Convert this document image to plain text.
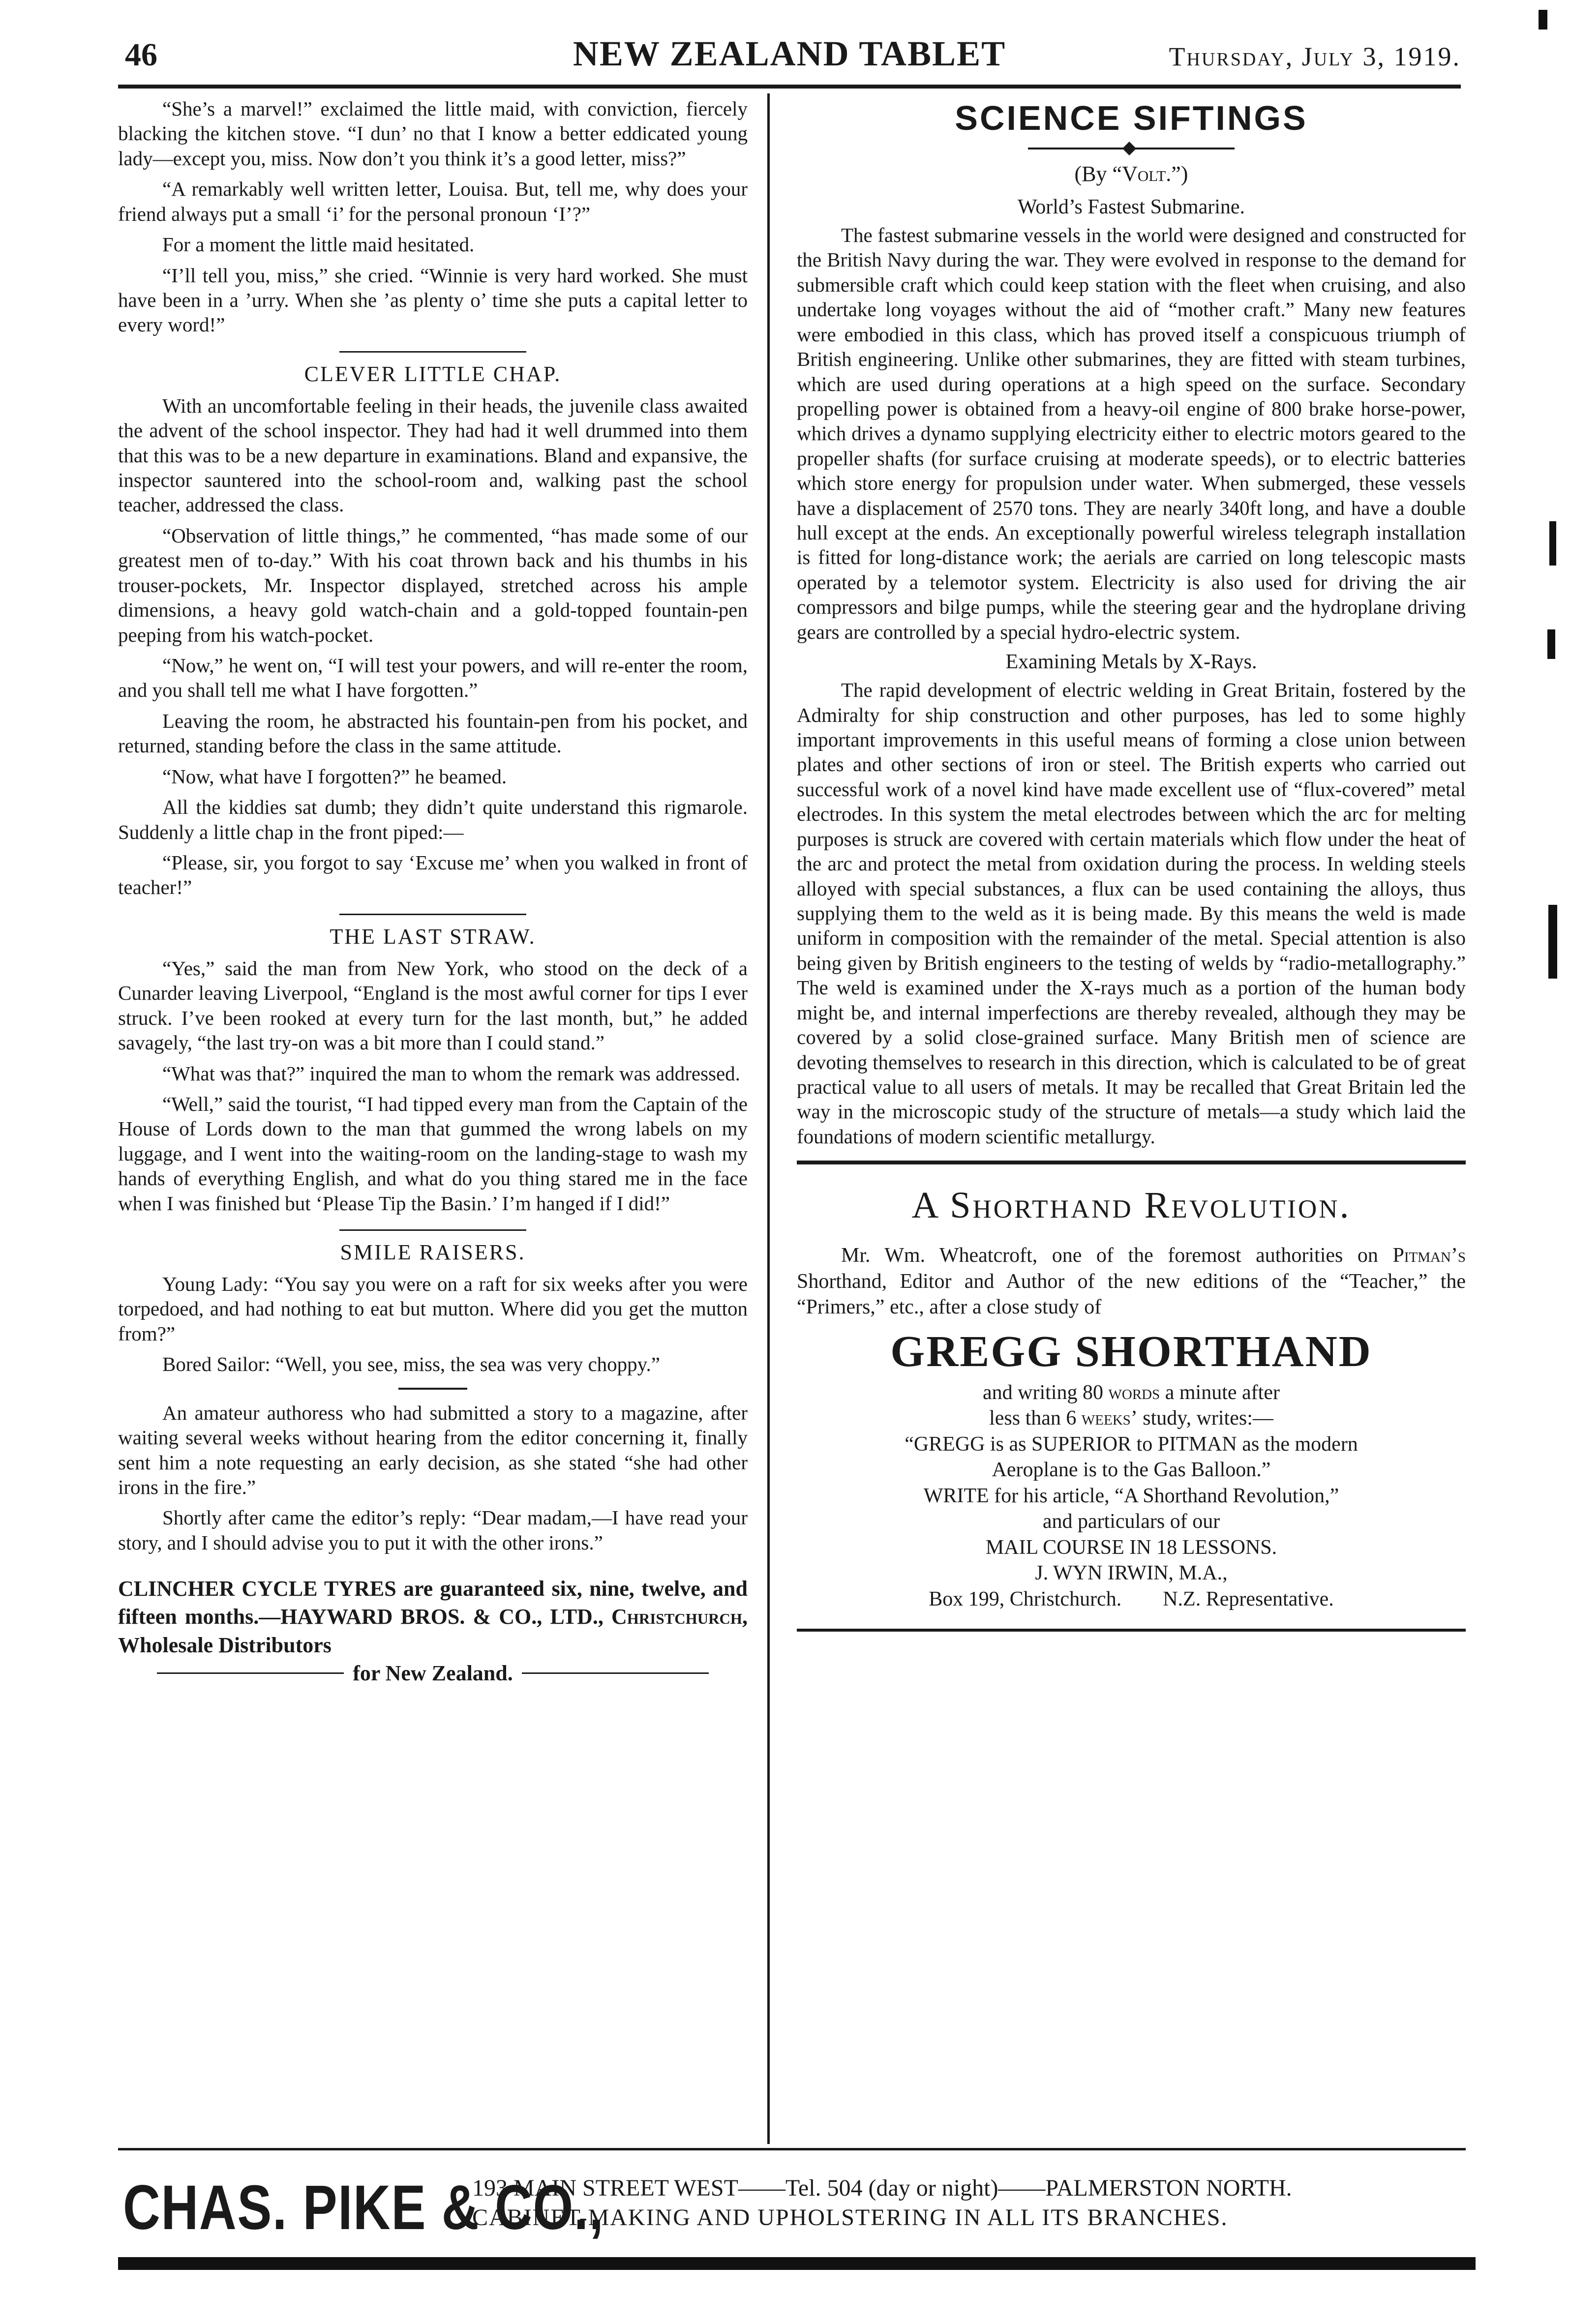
46	NEW ZEALAND TABLET	Thursday, July 3, 1919.

“She’s a marvel!” exclaimed the little maid, with conviction, fiercely blacking the kitchen stove. “I dun’ no that I know a better eddicated young lady—except you, miss. Now don’t you think it’s a good letter, miss?”

“A remarkably well written letter, Louisa. But, tell me, why does your friend always put a small ‘i’ for the personal pronoun ‘I’?”

For a moment the little maid hesitated.

“I’ll tell you, miss,” she cried. “Winnie is very hard worked. She must have been in a ’urry. When she ’as plenty o’ time she puts a capital letter to every word!”

CLEVER LITTLE CHAP.

With an uncomfortable feeling in their heads, the juvenile class awaited the advent of the school inspector. They had had it well drummed into them that this was to be a new departure in examinations. Bland and expansive, the inspector sauntered into the school-room and, walking past the school teacher, addressed the class.

“Observation of little things,” he commented, “has made some of our greatest men of to-day.” With his coat thrown back and his thumbs in his trouser-pockets, Mr. Inspector displayed, stretched across his ample dimensions, a heavy gold watch-chain and a gold-topped fountain-pen peeping from his watch-pocket.

“Now,” he went on, “I will test your powers, and will re-enter the room, and you shall tell me what I have forgotten.”

Leaving the room, he abstracted his fountain-pen from his pocket, and returned, standing before the class in the same attitude.

“Now, what have I forgotten?” he beamed.

All the kiddies sat dumb; they didn’t quite understand this rigmarole. Suddenly a little chap in the front piped:—

“Please, sir, you forgot to say ‘Excuse me’ when you walked in front of teacher!”

THE LAST STRAW.

“Yes,” said the man from New York, who stood on the deck of a Cunarder leaving Liverpool, “England is the most awful corner for tips I ever struck. I’ve been rooked at every turn for the last month, but,” he added savagely, “the last try-on was a bit more than I could stand.”

“What was that?” inquired the man to whom the remark was addressed.

“Well,” said the tourist, “I had tipped every man from the Captain of the House of Lords down to the man that gummed the wrong labels on my luggage, and I went into the waiting-room on the landing-stage to wash my hands of everything English, and what do you thing stared me in the face when I was finished but ‘Please Tip the Basin.’ I’m hanged if I did!”

SMILE RAISERS.

Young Lady: “You say you were on a raft for six weeks after you were torpedoed, and had nothing to eat but mutton. Where did you get the mutton from?”

Bored Sailor: “Well, you see, miss, the sea was very choppy.”

An amateur authoress who had submitted a story to a magazine, after waiting several weeks without hearing from the editor concerning it, finally sent him a note requesting an early decision, as she stated “she had other irons in the fire.”

Shortly after came the editor’s reply: “Dear madam,—I have read your story, and I should advise you to put it with the other irons.”

CLINCHER CYCLE TYRES are guaranteed six, nine, twelve, and fifteen months.—HAYWARD BROS. & CO., LTD., Christchurch, Wholesale Distributors
for New Zealand.
SCIENCE SIFTINGS
(By “Volt.”)
World’s Fastest Submarine.

The fastest submarine vessels in the world were designed and constructed for the British Navy during the war. They were evolved in response to the demand for submersible craft which could keep station with the fleet when cruising, and also undertake long voyages without the aid of “mother craft.” Many new features were embodied in this class, which has proved itself a conspicuous triumph of British engineering. Unlike other submarines, they are fitted with steam turbines, which are used during operations at a high speed on the surface. Secondary propelling power is obtained from a heavy-oil engine of 800 brake horse-power, which drives a dynamo supplying electricity either to electric motors geared to the propeller shafts (for surface cruising at moderate speeds), or to electric batteries which store energy for propulsion under water. When submerged, these vessels have a displacement of 2570 tons. They are nearly 340ft long, and have a double hull except at the ends. An exceptionally powerful wireless telegraph installation is fitted for long-distance work; the aerials are carried on long telescopic masts operated by a telemotor system. Electricity is also used for driving the air compressors and bilge pumps, while the steering gear and the hydroplane driving gears are controlled by a special hydro-electric system.

Examining Metals by X-Rays.

The rapid development of electric welding in Great Britain, fostered by the Admiralty for ship construction and other purposes, has led to some highly important improvements in this useful means of forming a close union between plates and other sections of iron or steel. The British experts who carried out successful work of a novel kind have made excellent use of “flux-covered” metal electrodes. In this system the metal electrodes between which the arc for melting purposes is struck are covered with certain materials which flow under the heat of the arc and protect the metal from oxidation during the process. In welding steels alloyed with special substances, a flux can be used containing the alloys, thus supplying them to the weld as it is being made. By this means the weld is made uniform in composition with the remainder of the metal. Special attention is also being given by British engineers to the testing of welds by “radio-metallography.” The weld is examined under the X-rays much as a portion of the human body might be, and internal imperfections are thereby revealed, although they may be covered by a solid close-grained surface. Many British men of science are devoting themselves to research in this direction, which is calculated to be of great practical value to all users of metals. It may be recalled that Great Britain led the way in the microscopic study of the structure of metals—a study which laid the foundations of modern scientific metallurgy.

A Shorthand Revolution.

Mr. Wm. Wheatcroft, one of the foremost authorities on Pitman’s Shorthand, Editor and Author of the new editions of the “Teacher,” the “Primers,” etc., after a close study of

GREGG SHORTHAND

and writing 80 words a minute after

less than 6 weeks’ study, writes:—

“GREGG is as SUPERIOR to PITMAN as the modern

Aeroplane is to the Gas Balloon.”

WRITE for his article, “A Shorthand Revolution,”

and particulars of our

MAIL COURSE IN 18 LESSONS.

J. WYN IRWIN, M.A.,

Box 199, Christchurch. N.Z. Representative.

CHAS. PIKE & CO.,
193 MAIN STREET WEST——Tel. 504 (day or night)——PALMERSTON NORTH.
CABINET-MAKING AND UPHOLSTERING IN ALL ITS BRANCHES.
